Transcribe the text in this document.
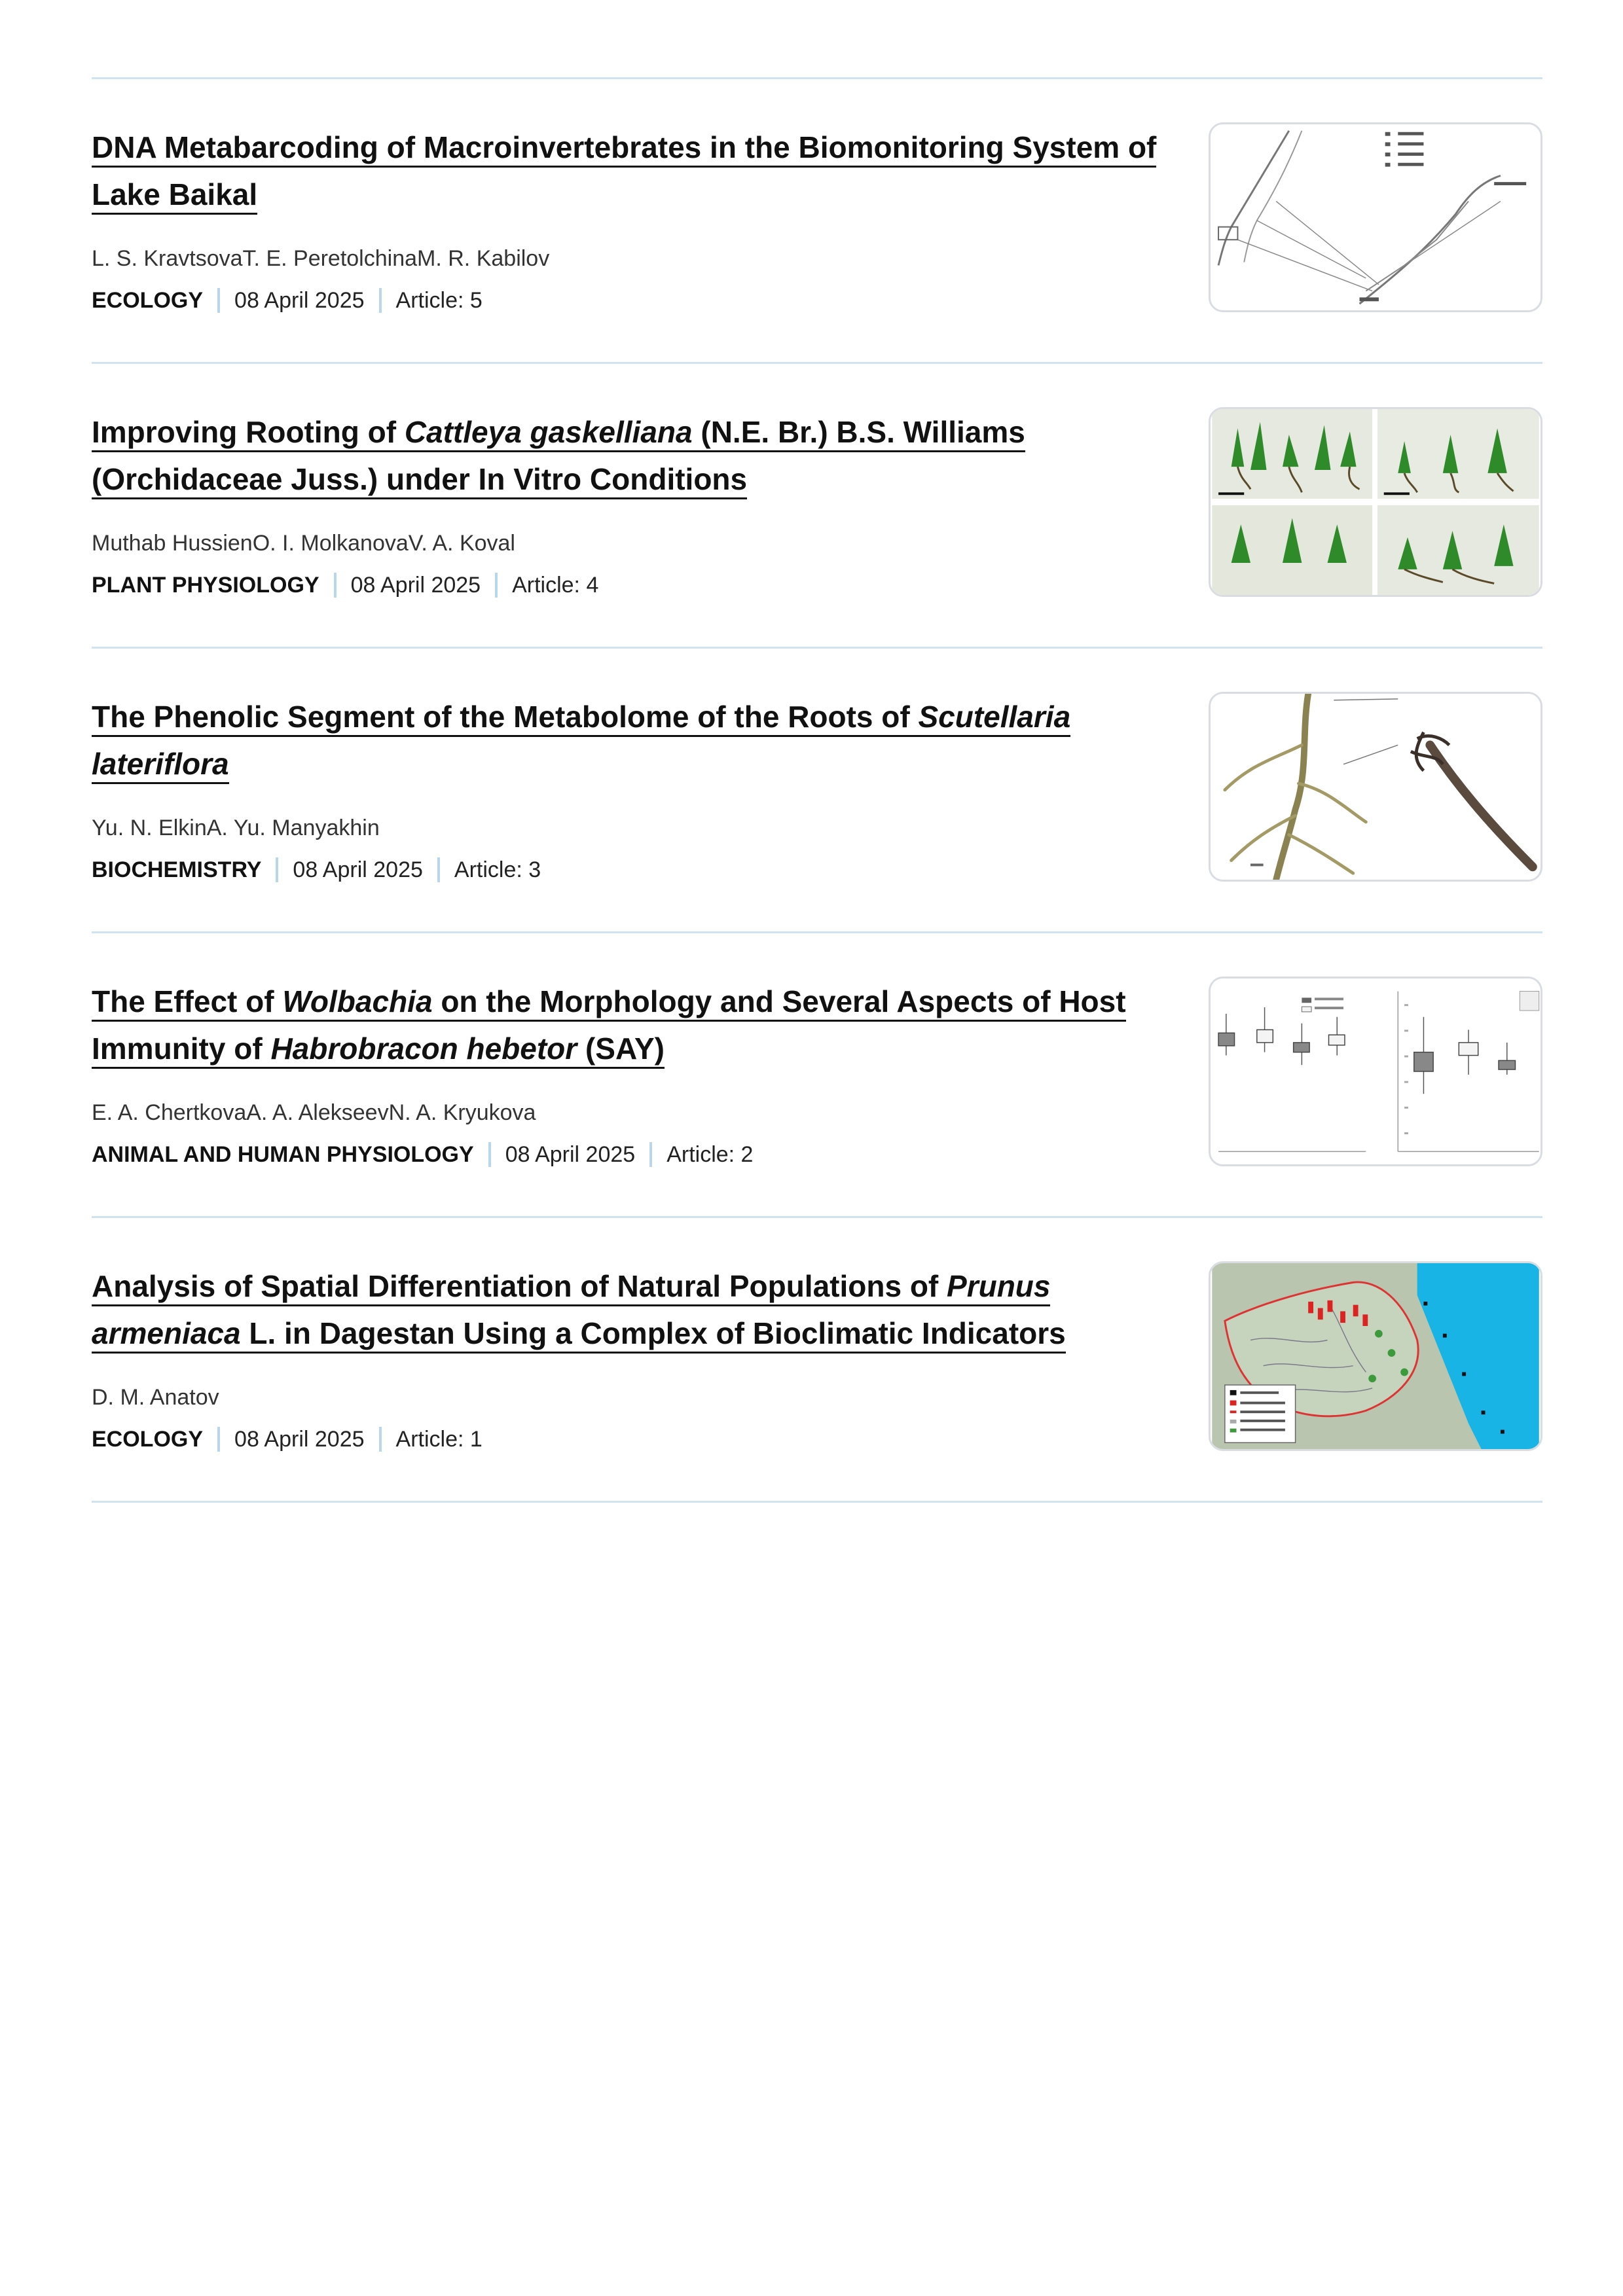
DNA Metabarcoding of Macroinvertebrates in the Biomonitoring System of Lake Baikal
L. S. KravtsovaT. E. PeretolchinaM. R. Kabilov
ECOLOGY 08 April 2025 Article: 5
Improving Rooting of Cattleya gaskelliana (N.E. Br.) B.S. Williams (Orchidaceae Juss.) under In Vitro Conditions
Muthab HussienO. I. MolkanovaV. A. Koval
PLANT PHYSIOLOGY 08 April 2025 Article: 4
The Phenolic Segment of the Metabolome of the Roots of Scutellaria lateriflora
Yu. N. ElkinA. Yu. Manyakhin
BIOCHEMISTRY 08 April 2025 Article: 3
The Effect of Wolbachia on the Morphology and Several Aspects of Host Immunity of Habrobracon hebetor (SAY)
E. A. ChertkovaA. A. AlekseevN. A. Kryukova
ANIMAL AND HUMAN PHYSIOLOGY 08 April 2025 Article: 2
Analysis of Spatial Differentiation of Natural Populations of Prunus armeniaca L. in Dagestan Using a Complex of Bioclimatic Indicators
D. M. Anatov
ECOLOGY 08 April 2025 Article: 1
